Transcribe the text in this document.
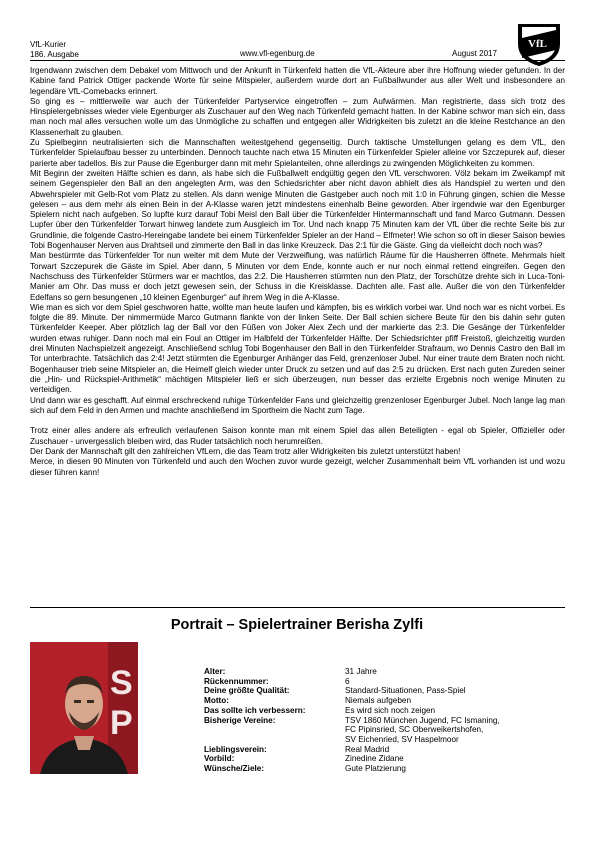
VfL-Kurier
186. Ausgabe	www.vfl-egenburg.de	August 2017
VfL

Irgendwann zwischen dem Debakel vom Mittwoch und der Ankunft in Türkenfeld hatten die VfL-Akteure aber ihre Hoffnung wieder gefunden. In der Kabine fand Patrick Ottiger packende Worte für seine Mitspieler, außerdem wurde dort an Fußballwunder aus aller Welt und insbesondere an legendäre VfL-Comebacks erinnert.

So ging es – mittlerweile war auch der Türkenfelder Partyservice eingetroffen – zum Aufwärmen. Man registrierte, dass sich trotz des Hinspielergebnisses wieder viele Egenburger als Zuschauer auf den Weg nach Türkenfeld gemacht hatten. In der Kabine schwor man sich ein, dass man noch mal alles versuchen wolle um das Unmögliche zu schaffen und entgegen aller Widrigkeiten bis zuletzt an die kleine Restchance an den Klassenerhalt zu glauben.

Zu Spielbeginn neutralisierten sich die Mannschaften weitestgehend gegenseitig. Durch taktische Umstellungen gelang es dem VfL, den Türkenfelder Spielaufbau besser zu unterbinden. Dennoch tauchte nach etwa 15 Minuten ein Türkenfelder Spieler alleine vor Szczepurek auf, dieser parierte aber tadellos. Bis zur Pause die Egenburger dann mit mehr Spielanteilen, ohne allerdings zu zwingenden Möglichkeiten zu kommen.

Mit Beginn der zweiten Hälfte schien es dann, als habe sich die Fußballwelt endgültig gegen den VfL verschworen. Völz bekam im Zweikampf mit seinem Gegenspieler den Ball an den angelegten Arm, was den Schiedsrichter aber nicht davon abhielt dies als Handspiel zu werten und den Abwehrspieler mit Gelb-Rot vom Platz zu stellen. Als dann wenige Minuten die Gastgeber auch noch mit 1:0 in Führung gingen, schien die Messe gelesen – aus dem mehr als einen Bein in der A-Klasse waren jetzt mindestens einenhalb Beine geworden. Aber irgendwie war den Egenburger Spielern nicht nach aufgeben. So lupfte kurz darauf Tobi Meisl den Ball über die Türkenfelder Hintermannschaft und fand Marco Gutmann. Dessen Lupfer über den Türkenfelder Torwart hinweg landete zum Ausgleich im Tor. Und nach knapp 75 Minuten kam der VfL über die rechte Seite bis zur Grundlinie, die folgende Castro-Hereingabe landete bei einem Türkenfelder Spieler an der Hand – Elfmeter! Wie schon so oft in dieser Saison bewies Tobi Bogenhauser Nerven aus Drahtseil und zimmerte den Ball in das linke Kreuzeck. Das 2:1 für die Gäste. Ging da vielleicht doch noch was?

Man bestürmte das Türkenfelder Tor nun weiter mit dem Mute der Verzweiflung, was natürlich Räume für die Hausherren öffnete. Mehrmals hielt Torwart Szczepurek die Gäste im Spiel. Aber dann, 5 Minuten vor dem Ende, konnte auch er nur noch einmal rettend eingreifen. Gegen den Nachschuss des Türkenfelder Stürmers war er machtlos, das 2:2. Die Hausherren stürmten nun den Platz, der Torschütze drehte sich in Luca-Toni-Manier am Ohr. Das muss er doch jetzt gewesen sein, der Schuss in die Kreisklasse. Dachten alle. Fast alle. Außer die von den Türkenfelder Edelfans so gern besungenen „10 kleinen Egenburger“ auf ihrem Weg in die A-Klasse.

Wie man es sich vor dem Spiel geschworen hatte, wollte man heute laufen und kämpfen, bis es wirklich vorbei war. Und noch war es nicht vorbei. Es folgte die 89. Minute. Der nimmermüde Marco Gutmann flankte von der linken Seite. Der Ball schien sichere Beute für den bis dahin sehr guten Türkenfelder Keeper. Aber plötzlich lag der Ball vor den Füßen von Joker Alex Zech und der markierte das 2:3. Die Gesänge der Türkenfelder wurden etwas ruhiger. Dann noch mal ein Foul an Ottiger im Halbfeld der Türkenfelder Hälfte. Der Schiedsrichter pfiff Freistoß, gleichzeitig wurden drei Minuten Nachspielzeit angezeigt. Anschließend schlug Tobi Bogenhauser den Ball in den Türkenfelder Strafraum, wo Dennis Castro den Ball im Tor unterbrachte. Tatsächlich das 2:4! Jetzt stürmten die Egenburger Anhänger das Feld, grenzenloser Jubel. Nur einer traute dem Braten noch nicht. Bogenhauser trieb seine Mitspieler an, die Heimelf gleich wieder unter Druck zu setzen und auf das 2:5 zu drücken. Erst nach guten Zureden seiner die „Hin- und Rückspiel-Arithmetik“ mächtigen Mitspieler ließ er sich überzeugen, nun besser das erzielte Ergebnis noch wenige Minuten zu verteidigen.

Und dann war es geschafft. Auf einmal erschreckend ruhige Türkenfelder Fans und gleichzeitig grenzenloser Egenburger Jubel. Noch lange lag man sich auf dem Feld in den Armen und machte anschließend im Sportheim die Nacht zum Tage.

Trotz einer alles andere als erfreulich verlaufenen Saison konnte man mit einem Spiel das allen Beteiligten - egal ob Spieler, Offizieller oder Zuschauer - unvergesslich bleiben wird, das Ruder tatsächlich noch herumreißen.

Der Dank der Mannschaft gilt den zahlreichen VfLern, die das Team trotz aller Widrigkeiten bis zuletzt unterstützt haben!

Merce, in diesen 90 Minuten von Türkenfeld und auch den Wochen zuvor wurde gezeigt, welcher Zusammenhalt beim VfL vorhanden ist und wozu dieser führen kann!

Portrait – Spielertrainer Berisha Zylfi
S
P
Alter:	31 Jahre
Rückennummer:	6
Deine größte Qualität:	Standard-Situationen, Pass-Spiel
Motto:	Niemals aufgeben
Das sollte ich verbessern:	Es wird sich noch zeigen
Bisherige Vereine:	TSV 1860 München Jugend, FC Ismaning,
FC Pipinsried, SC Oberweikertshofen,
SV Eichenried, SV Haspelmoor
Lieblingsverein:	Real Madrid
Vorbild:	Zinedine Zidane
Wünsche/Ziele:	Gute Platzierung
